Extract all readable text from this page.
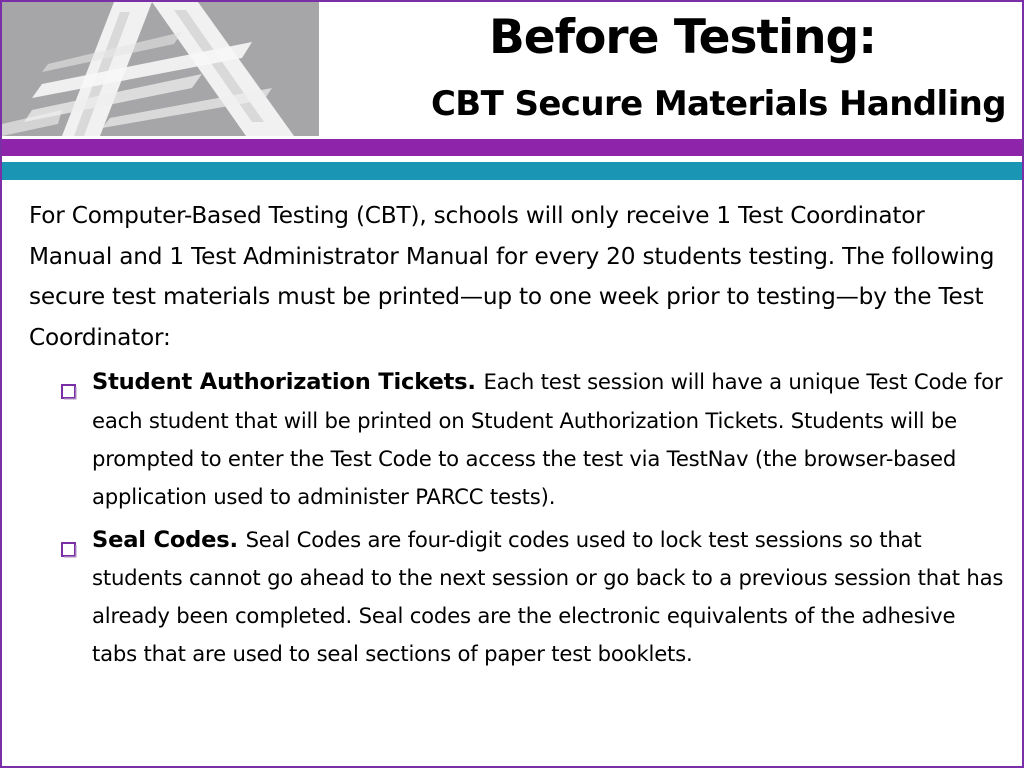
Before Testing:
CBT Secure Materials Handling

For Computer-Based Testing (CBT), schools will only receive 1 Test Coordinator Manual and 1 Test Administrator Manual for every 20 students testing. The following secure test materials must be printed—up to one week prior to testing—by the Test Coordinator:

Student Authorization Tickets. Each test session will have a unique Test Code for each student that will be printed on Student Authorization Tickets. Students will be prompted to enter the Test Code to access the test via TestNav (the browser-based application used to administer PARCC tests).
Seal Codes. Seal Codes are four-digit codes used to lock test sessions so that students cannot go ahead to the next session or go back to a previous session that has already been completed. Seal codes are the electronic equivalents of the adhesive tabs that are used to seal sections of paper test booklets.
